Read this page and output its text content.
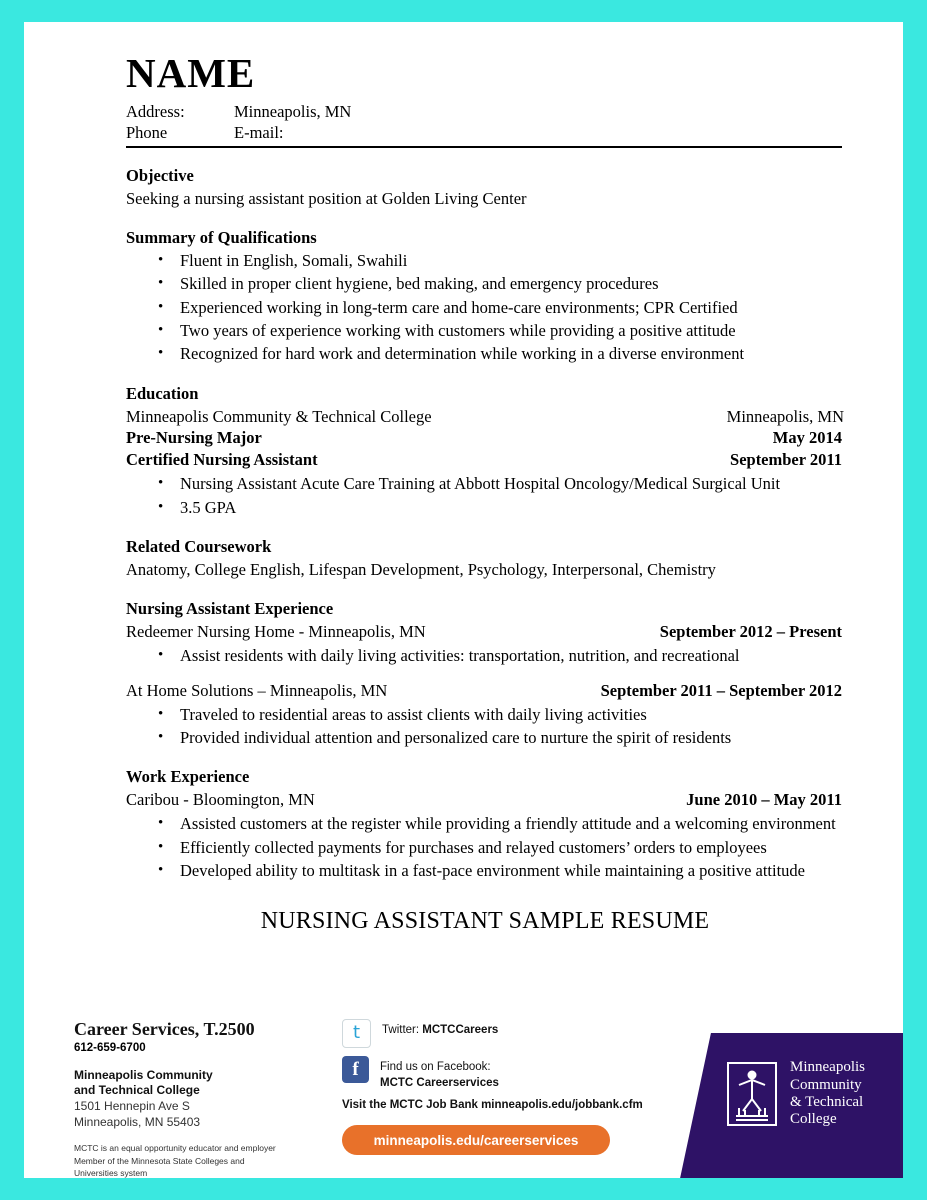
NAME
Address:	Minneapolis, MN
Phone	E-mail:
Objective
Seeking a nursing assistant position at Golden Living Center
Summary of Qualifications
• Fluent in English, Somali, Swahili
• Skilled in proper client hygiene, bed making, and emergency procedures
• Experienced working in long-term care and home-care environments; CPR Certified
• Two years of experience working with customers while providing a positive attitude
• Recognized for hard work and determination while working in a diverse environment
Education
Minneapolis Community & Technical College	Minneapolis, MN
Pre-Nursing Major	May 2014
Certified Nursing Assistant	September 2011
• Nursing Assistant Acute Care Training at Abbott Hospital Oncology/Medical Surgical Unit
• 3.5 GPA
Related Coursework
Anatomy, College English, Lifespan Development, Psychology, Interpersonal, Chemistry
Nursing Assistant Experience
Redeemer Nursing Home - Minneapolis, MN	September 2012 – Present
• Assist residents with daily living activities: transportation, nutrition, and recreational
At Home Solutions – Minneapolis, MN	September 2011 – September 2012
• Traveled to residential areas to assist clients with daily living activities
• Provided individual attention and personalized care to nurture the spirit of residents
Work Experience
Caribou - Bloomington, MN	June 2010 – May 2011
• Assisted customers at the register while providing a friendly attitude and a welcoming environment
• Efficiently collected payments for purchases and relayed customers’ orders to employees
• Developed ability to multitask in a fast-pace environment while maintaining a positive attitude
NURSING ASSISTANT SAMPLE RESUME
Career Services, T.2500
612-659-6700
Minneapolis Community
and Technical College
1501 Hennepin Ave S
Minneapolis, MN 55403
MCTC is an equal opportunity educator and employer
Member of the Minnesota State Colleges and
Universities system
t	Twitter: MCTCCareers
f	Find us on Facebook:
MCTC Careerservices
Visit the MCTC Job Bank minneapolis.edu/jobbank.cfm
minneapolis.edu/careerservices
Minneapolis
Community
& Technical
College
